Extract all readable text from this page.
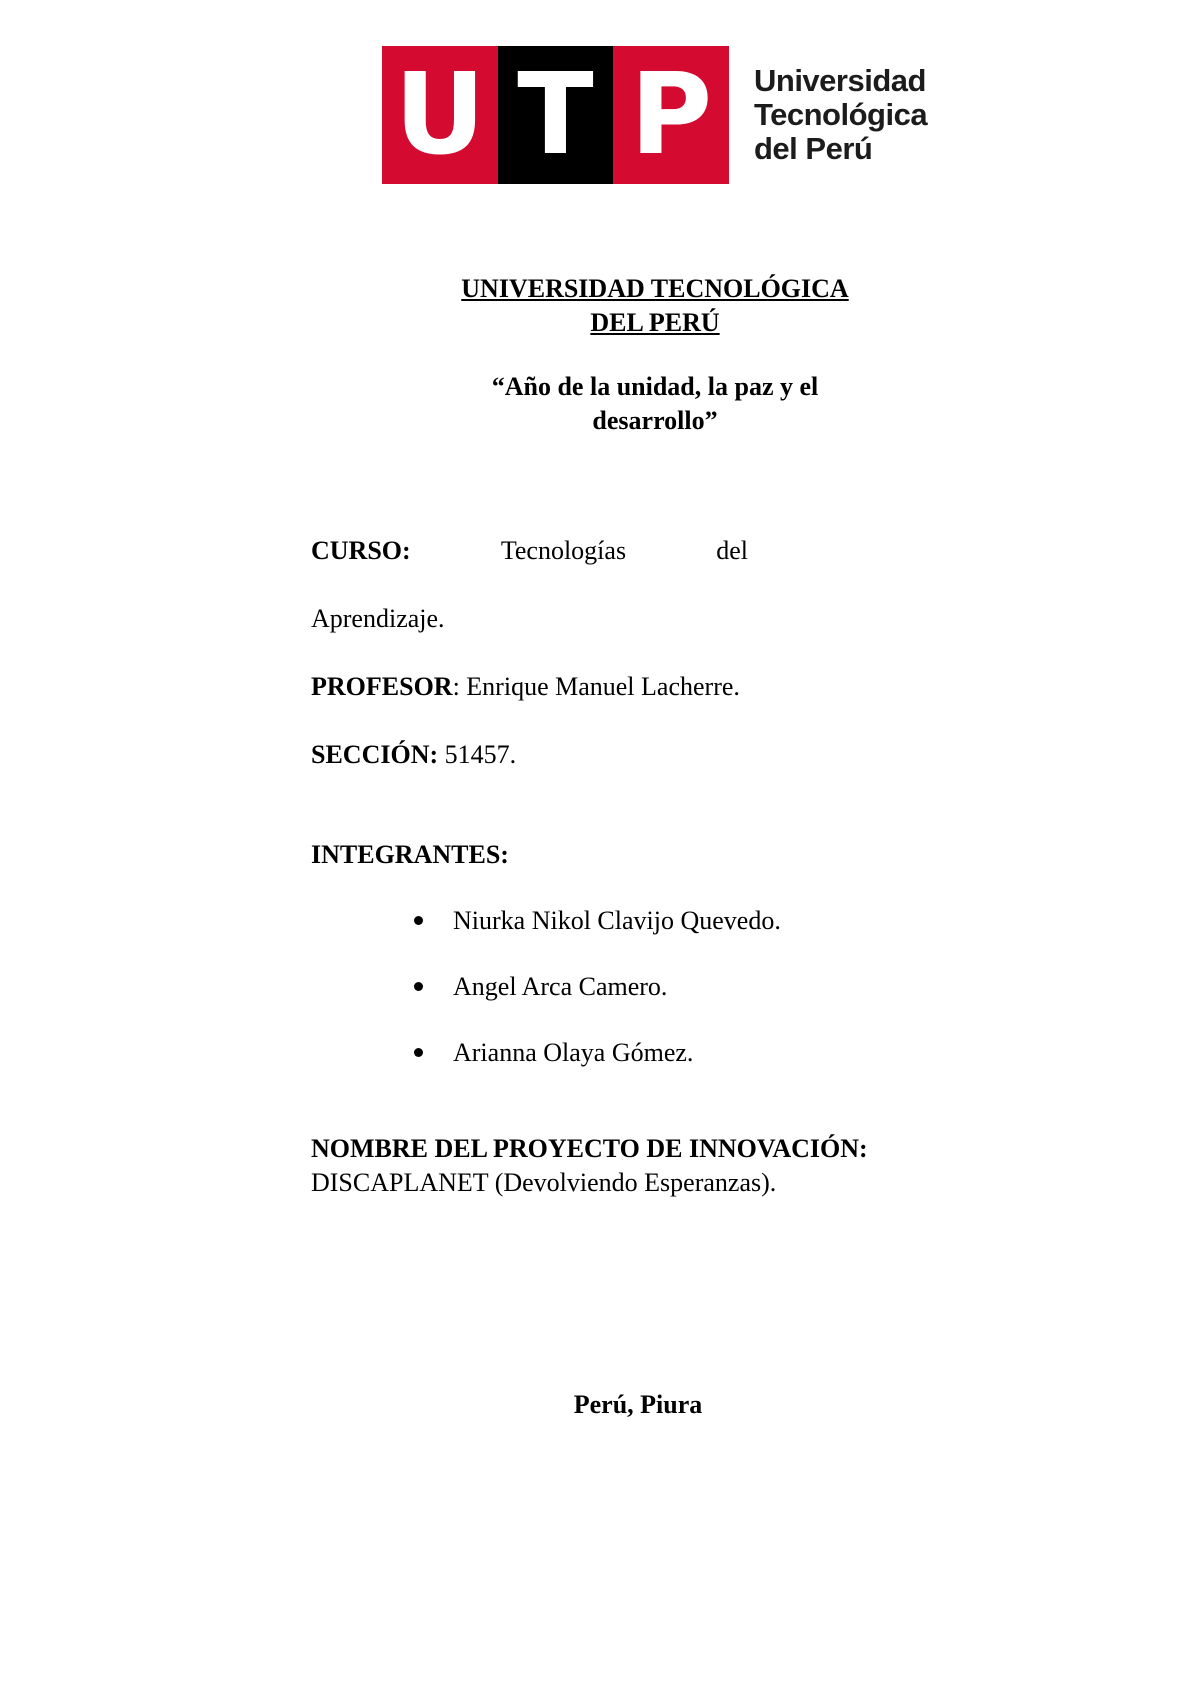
U T P	Universidad
Tecnológica
del Perú
UNIVERSIDAD TECNOLÓGICA
DEL PERÚ
“Año de la unidad, la paz y el
desarrollo”
CURSO:	Tecnologías	del
Aprendizaje.
PROFESOR: Enrique Manuel Lacherre.
SECCIÓN: 51457.
INTEGRANTES:
Niurka Nikol Clavijo Quevedo.
Angel Arca Camero.
Arianna Olaya Gómez.
NOMBRE DEL PROYECTO DE INNOVACIÓN:
DISCAPLANET (Devolviendo Esperanzas).
Perú, Piura
